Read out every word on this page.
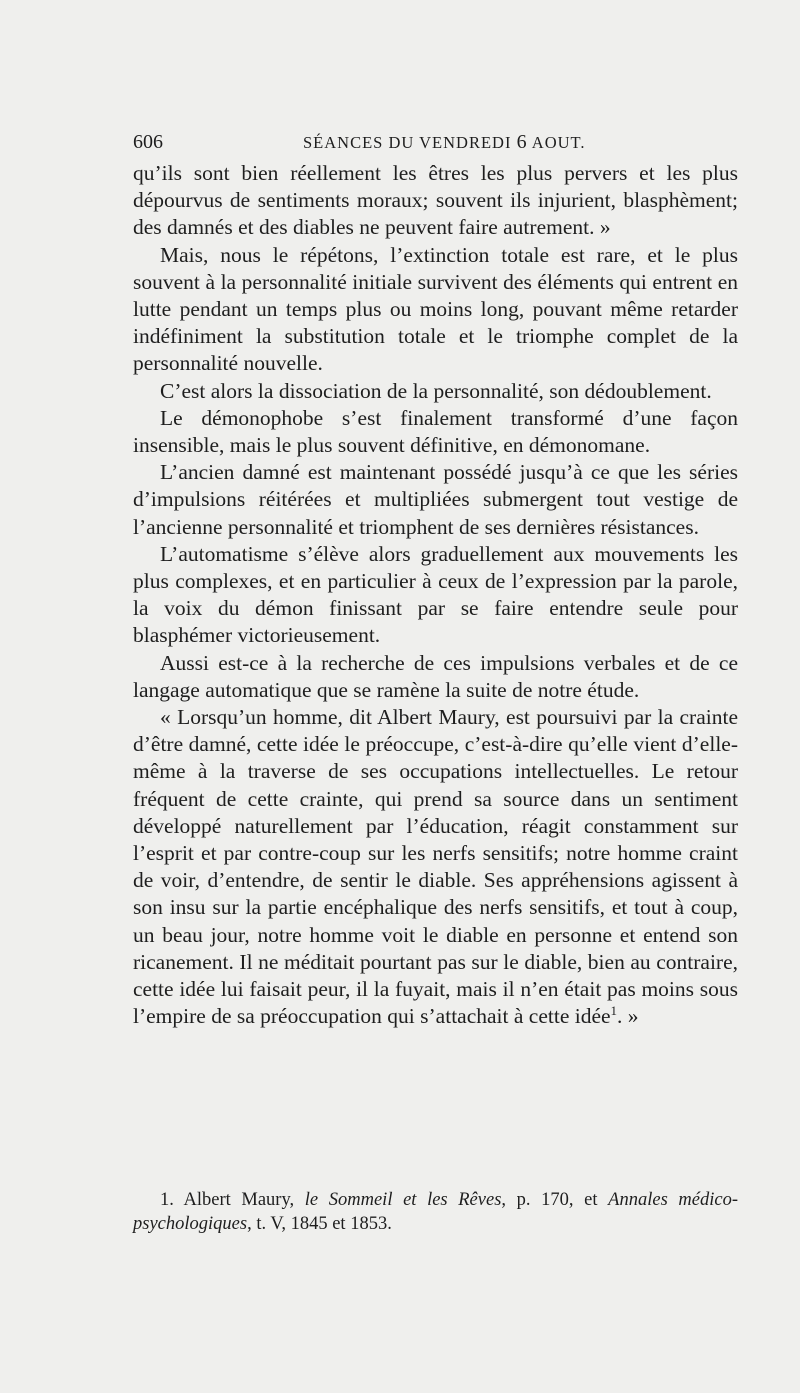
606	SÉANCES DU VENDREDI 6 AOUT.

qu’ils sont bien réellement les êtres les plus pervers et les plus dépourvus de sentiments moraux; souvent ils injurient, blasphèment; des damnés et des diables ne peuvent faire autrement. »

Mais, nous le répétons, l’extinction totale est rare, et le plus souvent à la personnalité initiale survivent des éléments qui entrent en lutte pendant un temps plus ou moins long, pouvant même retarder indéfiniment la substitution totale et le triomphe complet de la personnalité nouvelle.

C’est alors la dissociation de la personnalité, son dédoublement.

Le démonophobe s’est finalement transformé d’une façon insensible, mais le plus souvent définitive, en démonomane.

L’ancien damné est maintenant possédé jusqu’à ce que les séries d’impulsions réitérées et multipliées submergent tout vestige de l’ancienne personnalité et triomphent de ses dernières résistances.

L’automatisme s’élève alors graduellement aux mouvements les plus complexes, et en particulier à ceux de l’expression par la parole, la voix du démon finissant par se faire entendre seule pour blasphémer victorieusement.

Aussi est-ce à la recherche de ces impulsions verbales et de ce langage automatique que se ramène la suite de notre étude.

« Lorsqu’un homme, dit Albert Maury, est poursuivi par la crainte d’être damné, cette idée le préoccupe, c’est-à-dire qu’elle vient d’elle-même à la traverse de ses occupations intellectuelles. Le retour fréquent de cette crainte, qui prend sa source dans un sentiment développé naturellement par l’éducation, réagit constamment sur l’esprit et par contre-coup sur les nerfs sensitifs; notre homme craint de voir, d’entendre, de sentir le diable. Ses appréhensions agissent à son insu sur la partie encéphalique des nerfs sensitifs, et tout à coup, un beau jour, notre homme voit le diable en personne et entend son ricanement. Il ne méditait pourtant pas sur le diable, bien au contraire, cette idée lui faisait peur, il la fuyait, mais il n’en était pas moins sous l’empire de sa préoccupation qui s’attachait à cette idée$^1$. »

1. Albert Maury, le Sommeil et les Rêves, p. 170, et Annales médico-psychologiques, t. V, 1845 et 1853.
